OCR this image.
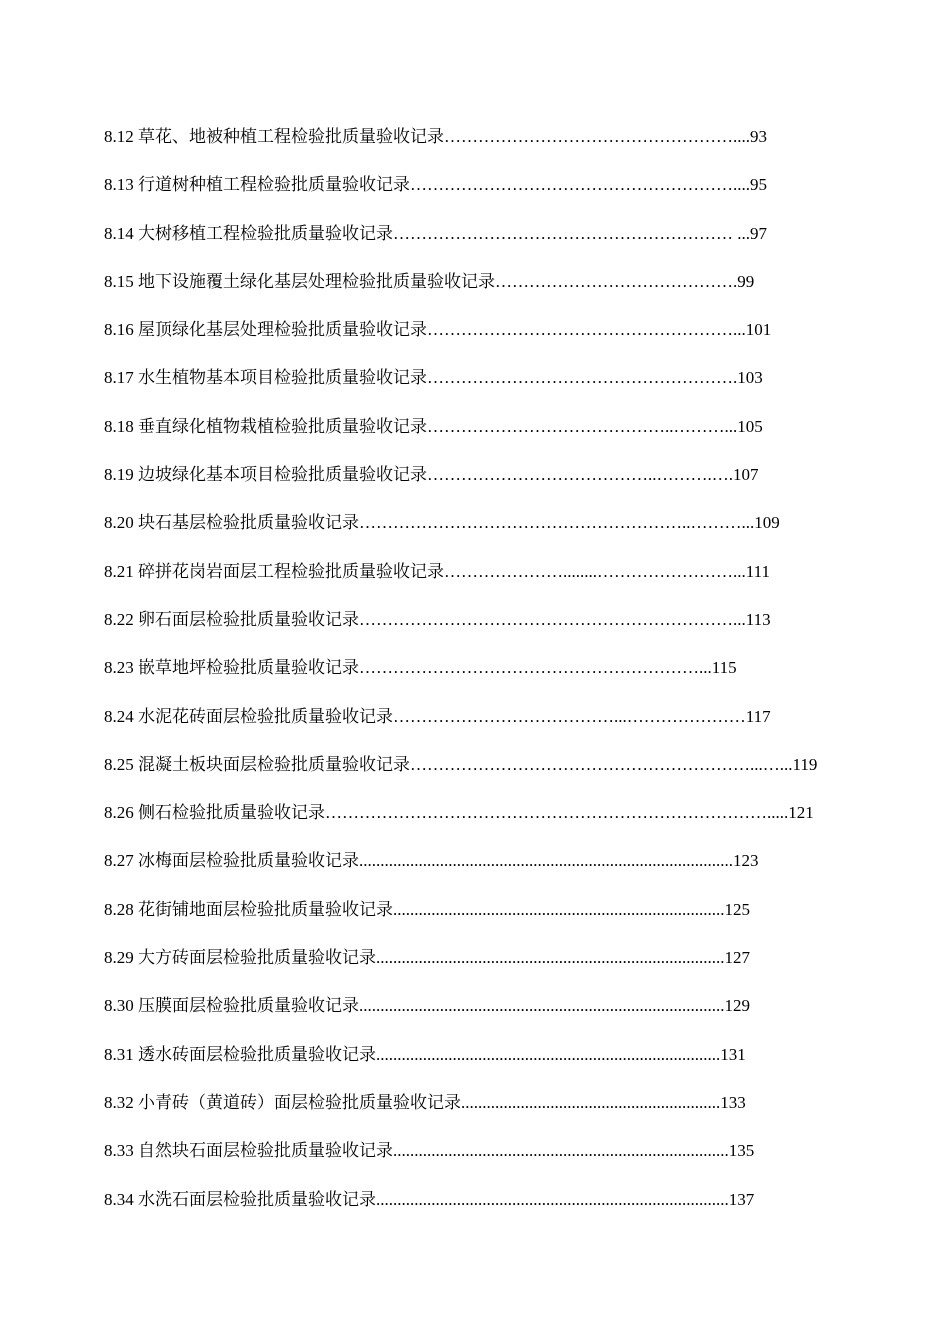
8.12 草花、地被种植工程检验批质量验收记录……………………………………………....93
8.13 行道树种植工程检验批质量验收记录…………………………………………………....95
8.14 大树移植工程检验批质量验收记录…………………………………………………… ...97
8.15 地下设施覆土绿化基层处理检验批质量验收记录…………………………………….99
8.16 屋顶绿化基层处理检验批质量验收记录………………………………………………...101
8.17 水生植物基本项目检验批质量验收记录……………………………………………….103
8.18 垂直绿化植物栽植检验批质量验收记录……………………………………..………...105
8.19 边坡绿化基本项目检验批质量验收记录…………………………………..……….….107
8.20 块石基层检验批质量验收记录…………………………………………………..………...109
8.21 碎拼花岗岩面层工程检验批质量验收记录…………………........……………………...111
8.22 卵石面层检验批质量验收记录…………………………………………………………...113
8.23 嵌草地坪检验批质量验收记录……………………………………………………...115
8.24 水泥花砖面层检验批质量验收记录…………………………………...…………………117
8.25 混凝土板块面层检验批质量验收记录……………………………………………………...…...119
8.26 侧石检验批质量验收记录…………………………………………………………………….....121
8.27 冰梅面层检验批质量验收记录........................................................................................123
8.28 花街铺地面层检验批质量验收记录..............................................................................125
8.29 大方砖面层检验批质量验收记录..................................................................................127
8.30 压膜面层检验批质量验收记录......................................................................................129
8.31 透水砖面层检验批质量验收记录.................................................................................131
8.32 小青砖（黄道砖）面层检验批质量验收记录.............................................................133
8.33 自然块石面层检验批质量验收记录...............................................................................135
8.34 水洗石面层检验批质量验收记录...................................................................................137
